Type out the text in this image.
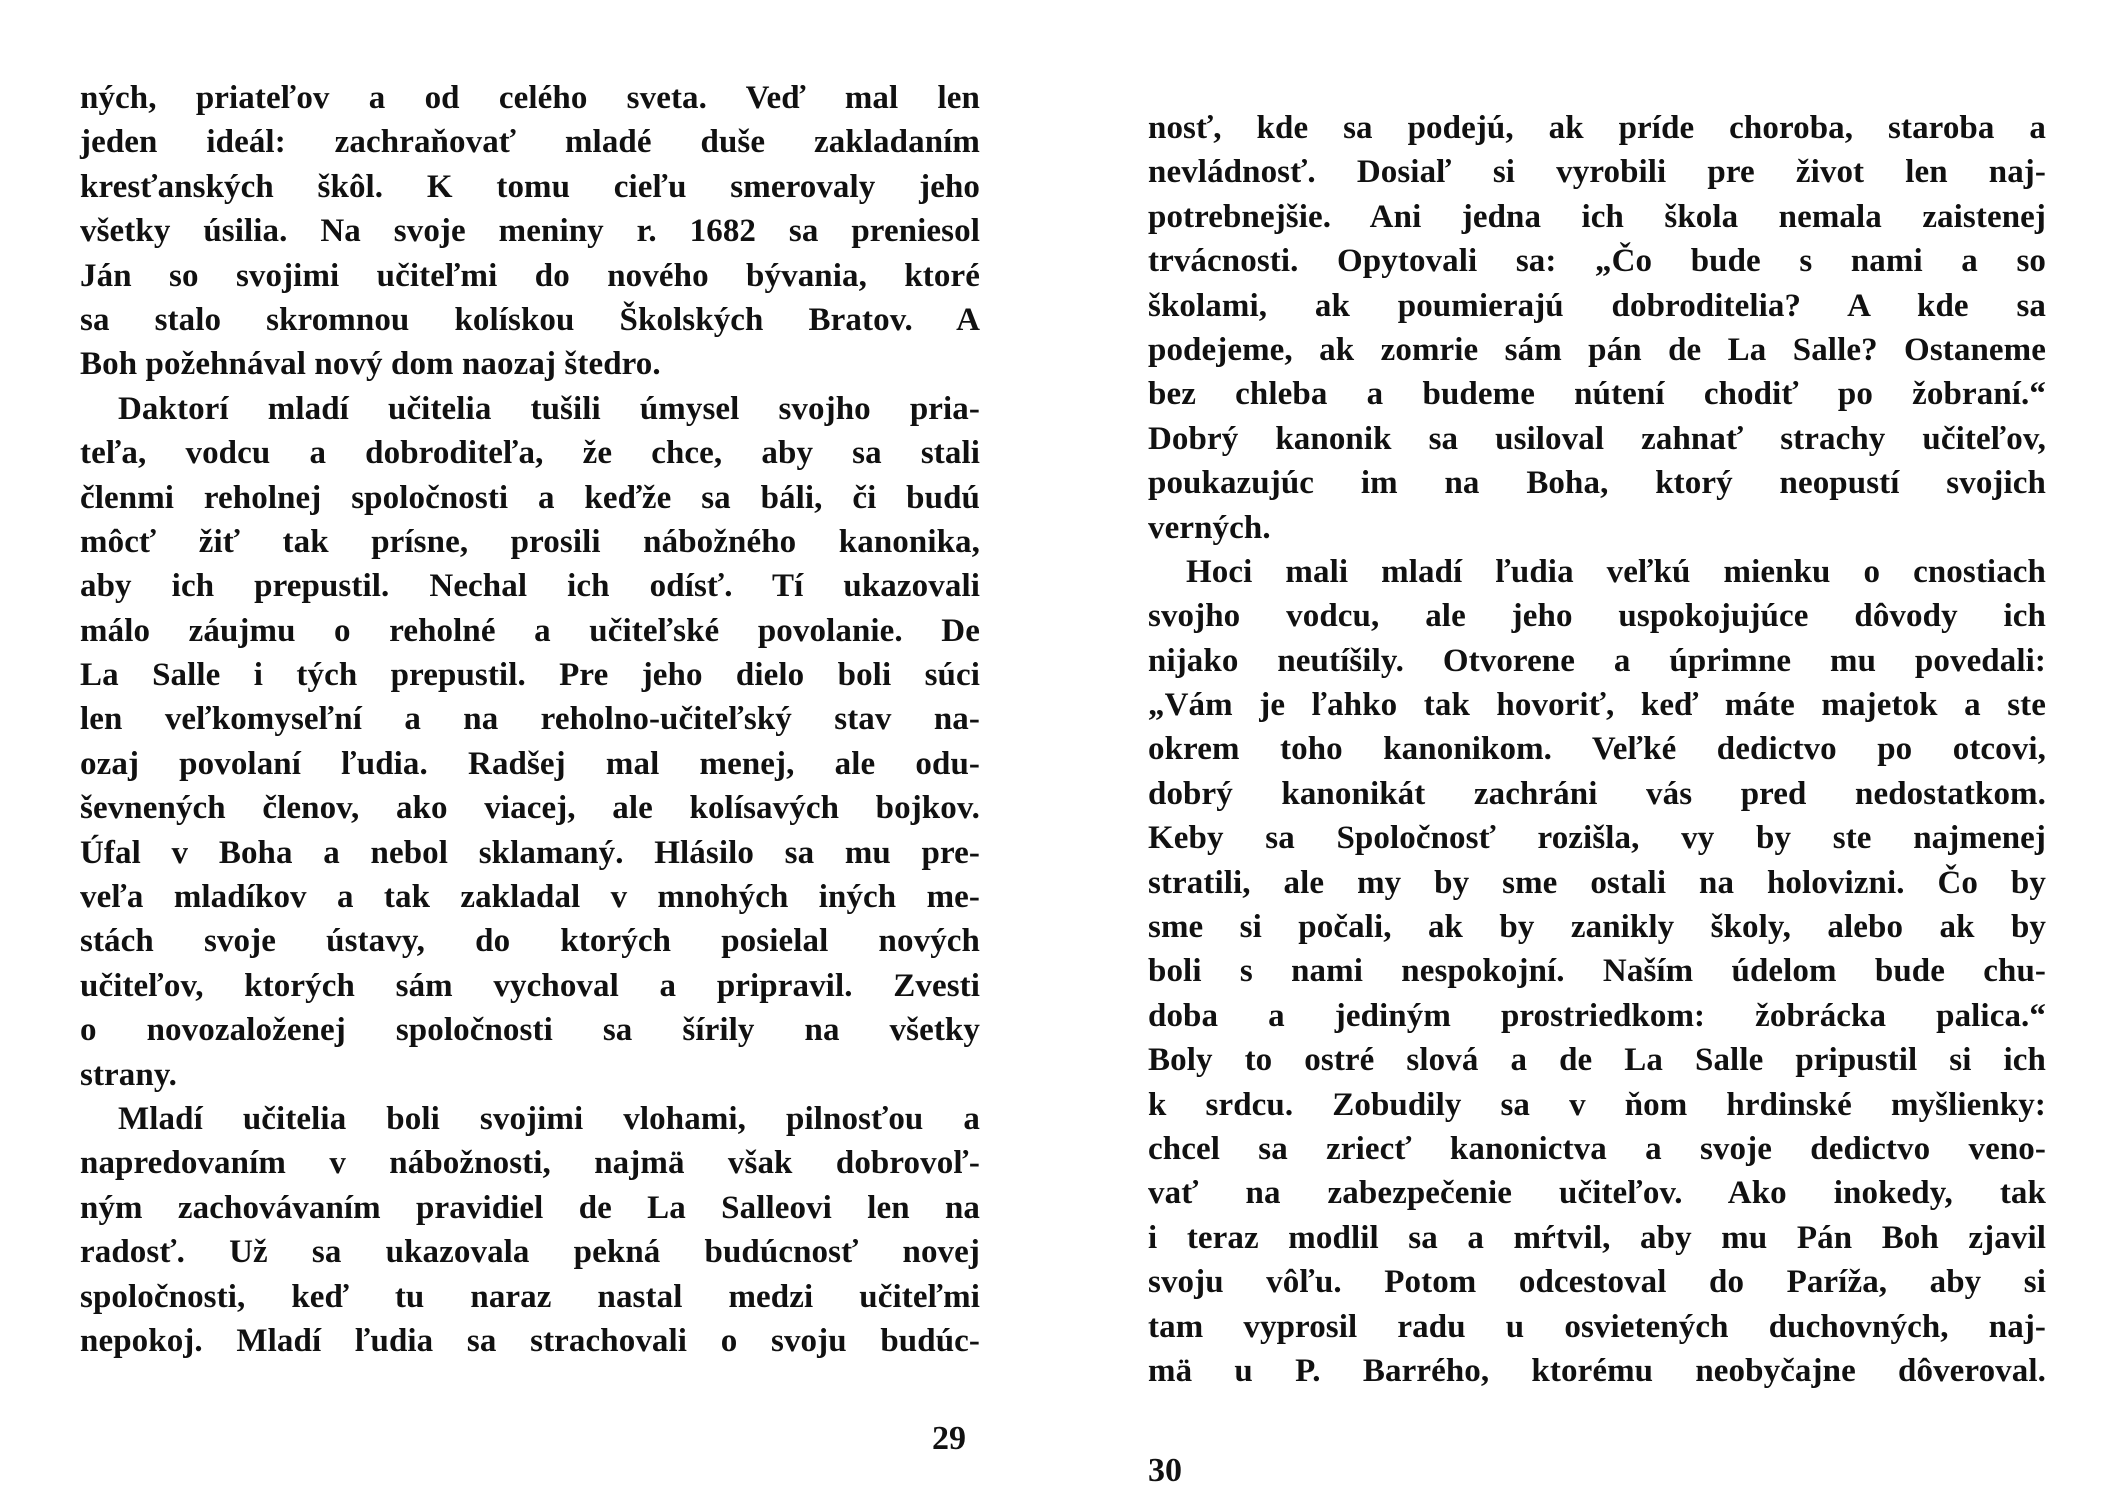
ných, priateľov a od celého sveta. Veď mal len
jeden ideál: zachraňovať mladé duše zakladaním
kresťanských škôl. K tomu cieľu smerovaly jeho
všetky úsilia. Na svoje meniny r. 1682 sa preniesol
Ján so svojimi učiteľmi do nového bývania, ktoré
sa stalo skromnou kolískou Školských Bratov. A
Boh požehnával nový dom naozaj štedro.
Daktorí mladí učitelia tušili úmysel svojho pria-
teľa, vodcu a dobroditeľa, že chce, aby sa stali
členmi reholnej spoločnosti a keďže sa báli, či budú
môcť žiť tak prísne, prosili nábožného kanonika,
aby ich prepustil. Nechal ich odísť. Tí ukazovali
málo záujmu o reholné a učiteľské povolanie. De
La Salle i tých prepustil. Pre jeho dielo boli súci
len veľkomyseľní a na reholno-učiteľský stav na-
ozaj povolaní ľudia. Radšej mal menej, ale odu-
ševnených členov, ako viacej, ale kolísavých bojkov.
Úfal v Boha a nebol sklamaný. Hlásilo sa mu pre-
veľa mladíkov a tak zakladal v mnohých iných me-
stách svoje ústavy, do ktorých posielal nových
učiteľov, ktorých sám vychoval a pripravil. Zvesti
o novozaloženej spoločnosti sa šírily na všetky
strany.
Mladí učitelia boli svojimi vlohami, pilnosťou a
napredovaním v nábožnosti, najmä však dobrovoľ-
ným zachovávaním pravidiel de La Salleovi len na
radosť. Už sa ukazovala pekná budúcnosť novej
spoločnosti, keď tu naraz nastal medzi učiteľmi
nepokoj. Mladí ľudia sa strachovali o svoju budúc-
29
nosť, kde sa podejú, ak príde choroba, staroba a
nevládnosť. Dosiaľ si vyrobili pre život len naj-
potrebnejšie. Ani jedna ich škola nemala zaistenej
trvácnosti. Opytovali sa: „Čo bude s nami a so
školami, ak poumierajú dobroditelia? A kde sa
podejeme, ak zomrie sám pán de La Salle? Ostaneme
bez chleba a budeme nútení chodiť po žobraní.“
Dobrý kanonik sa usiloval zahnať strachy učiteľov,
poukazujúc im na Boha, ktorý neopustí svojich
verných.
Hoci mali mladí ľudia veľkú mienku o cnostiach
svojho vodcu, ale jeho uspokojujúce dôvody ich
nijako neutíšily. Otvorene a úprimne mu povedali:
„Vám je ľahko tak hovoriť, keď máte majetok a ste
okrem toho kanonikom. Veľké dedictvo po otcovi,
dobrý kanonikát zachráni vás pred nedostatkom.
Keby sa Spoločnosť rozišla, vy by ste najmenej
stratili, ale my by sme ostali na holovizni. Čo by
sme si počali, ak by zanikly školy, alebo ak by
boli s nami nespokojní. Naším údelom bude chu-
doba a jediným prostriedkom: žobrácka palica.“
Boly to ostré slová a de La Salle pripustil si ich
k srdcu. Zobudily sa v ňom hrdinské myšlienky:
chcel sa zriecť kanonictva a svoje dedictvo veno-
vať na zabezpečenie učiteľov. Ako inokedy, tak
i teraz modlil sa a mŕtvil, aby mu Pán Boh zjavil
svoju vôľu. Potom odcestoval do Paríža, aby si
tam vyprosil radu u osvietených duchovných, naj-
mä u P. Barrého, ktorému neobyčajne dôveroval.
30
